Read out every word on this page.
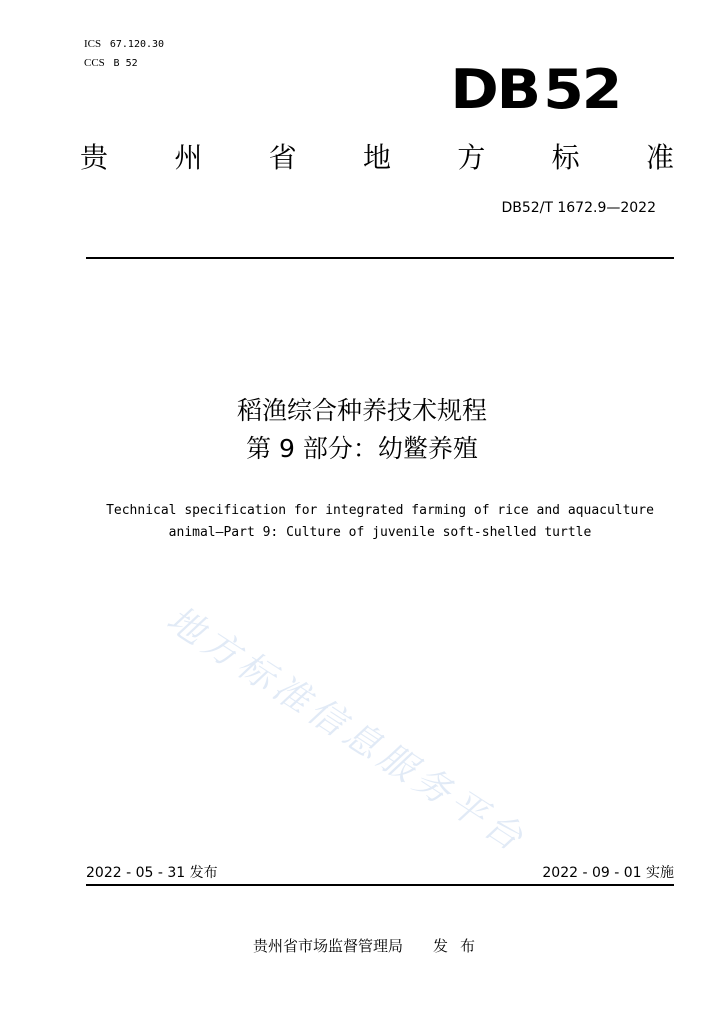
ICS 67.120.30
CCS B 52	DB52
贵 州 省 地 方 标 准
DB52/T 1672.9—2022
稻渔综合种养技术规程
第 9 部分：幼鳖养殖
Technical specification for integrated farming of rice and aquaculture
animal—Part 9: Culture of juvenile soft-shelled turtle
地方标准信息服务平台
2022 - 05 - 31 发布	2022 - 09 - 01 实施
贵州省市场监督管理局 发布
